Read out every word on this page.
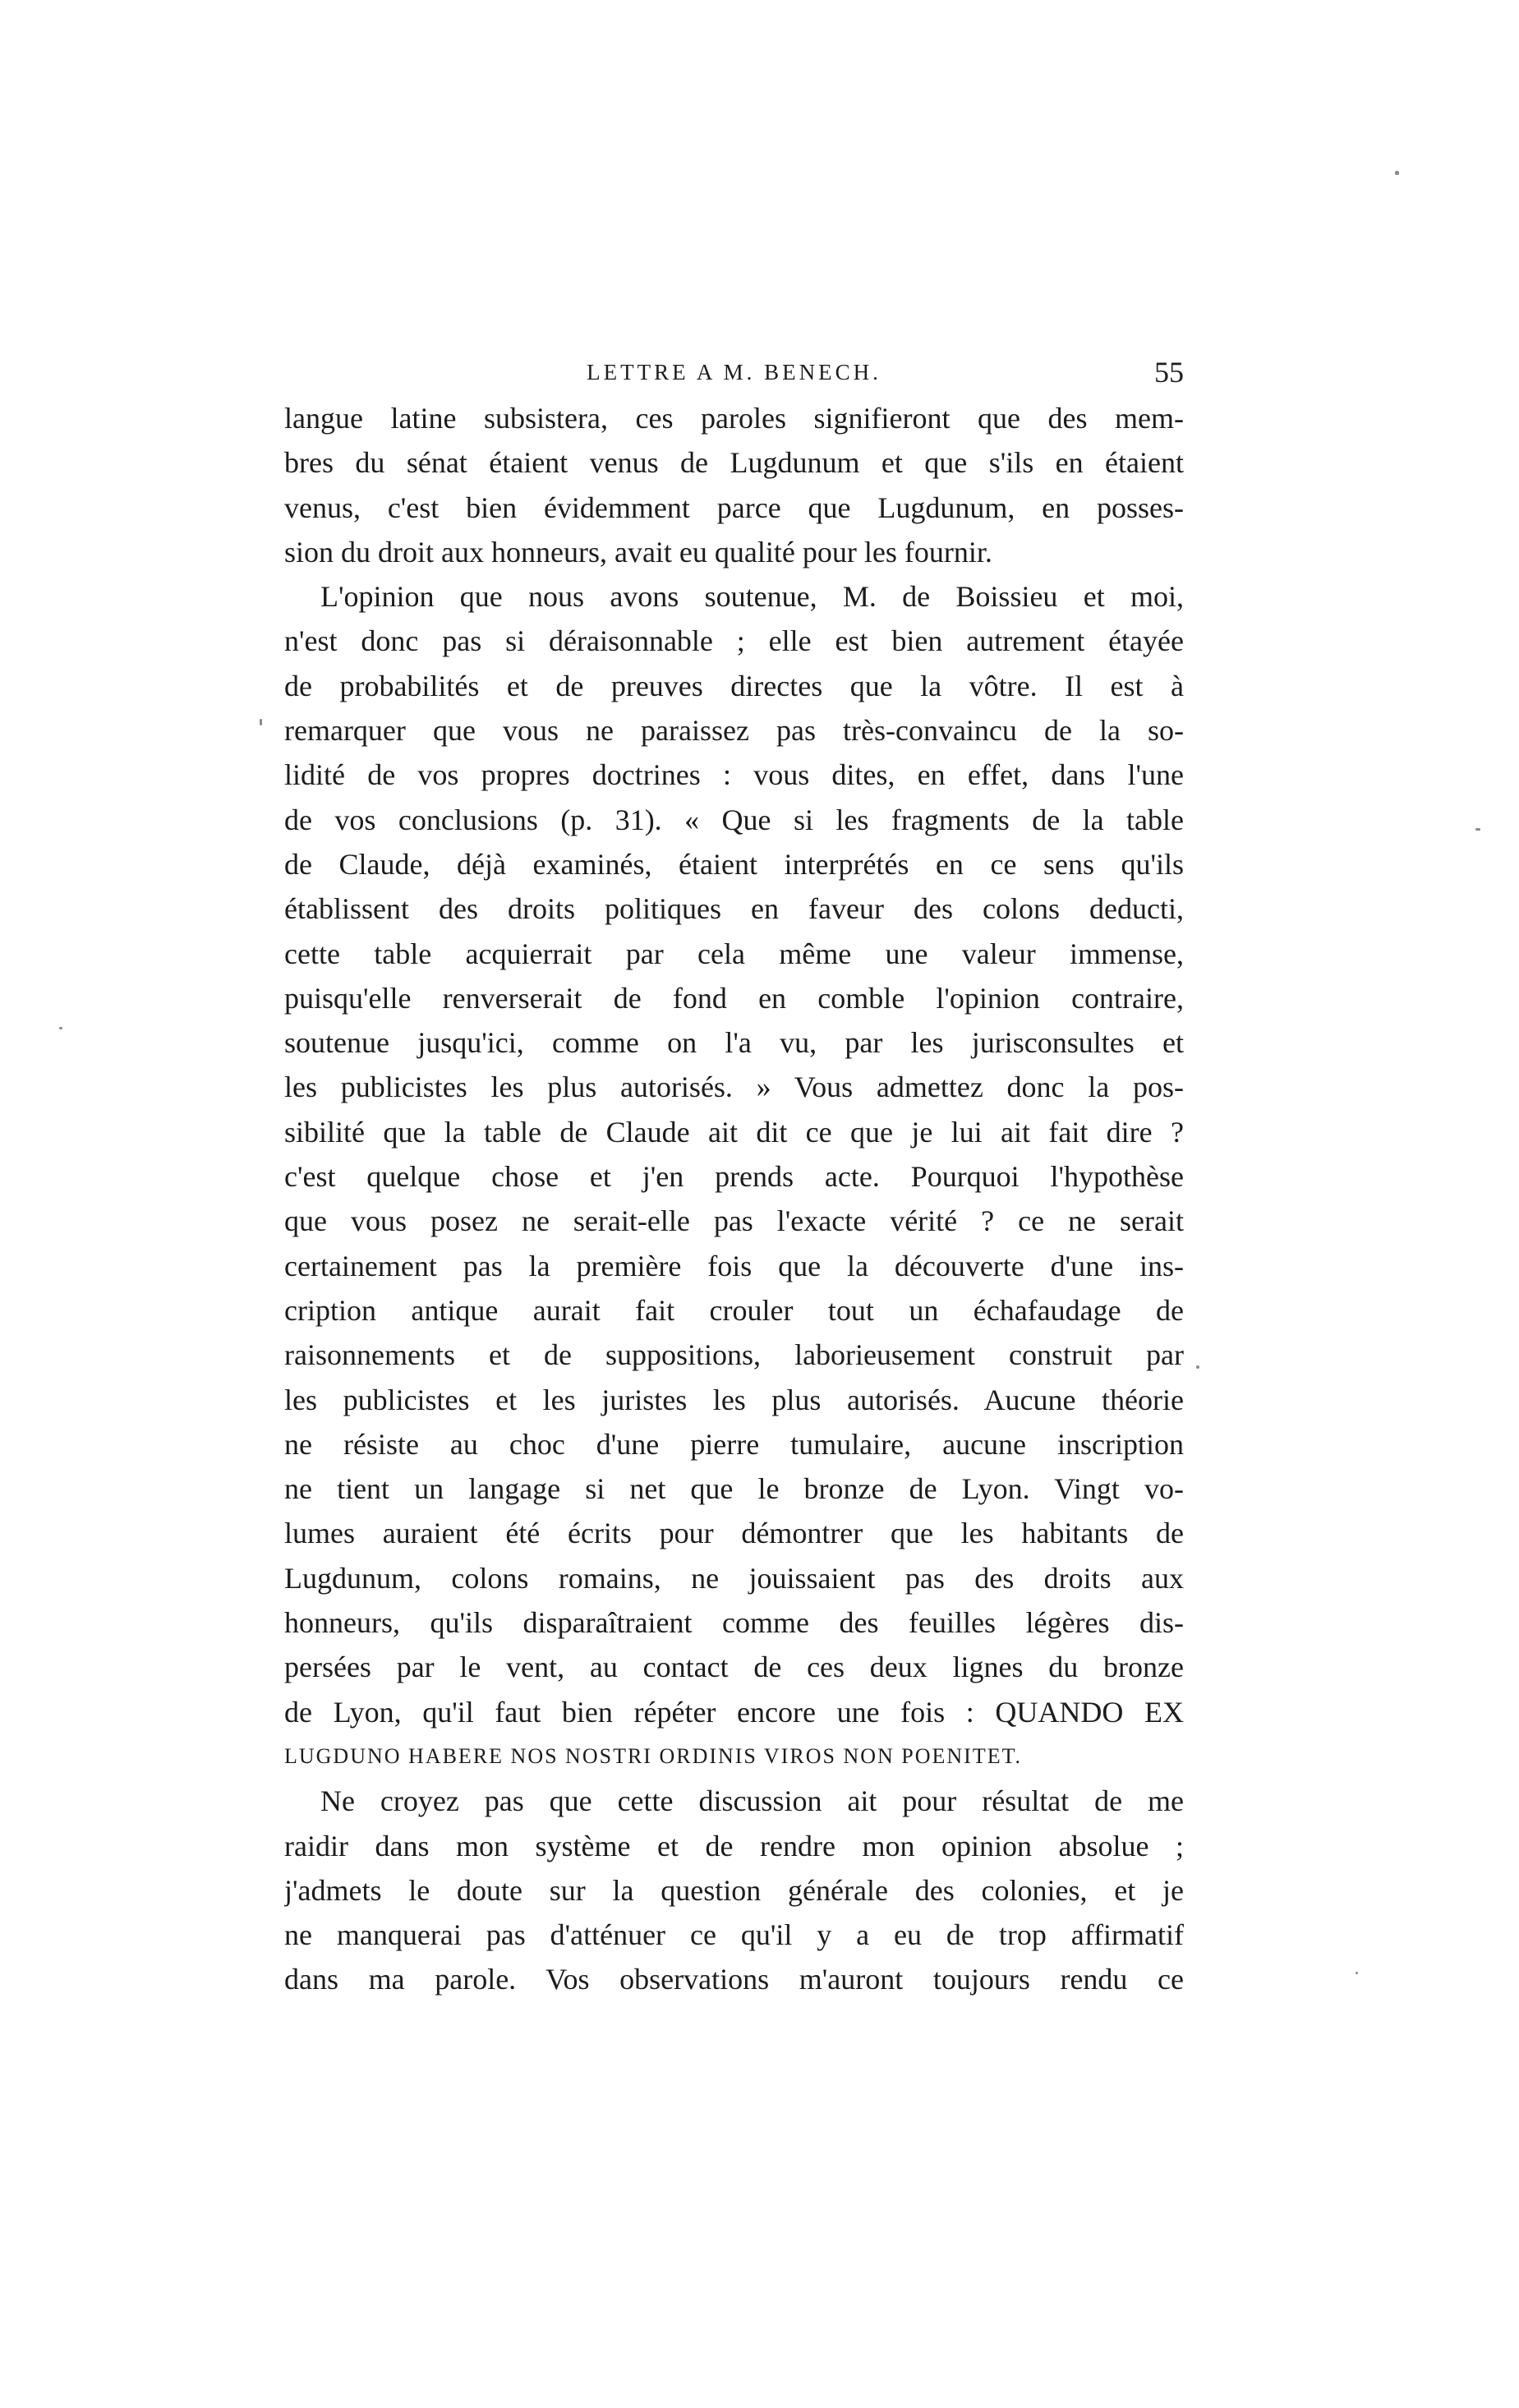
LETTRE A M. BENECH.	55
langue latine subsistera, ces paroles signifieront que des mem-
bres du sénat étaient venus de Lugdunum et que s'ils en étaient
venus, c'est bien évidemment parce que Lugdunum, en posses-
sion du droit aux honneurs, avait eu qualité pour les fournir.
L'opinion que nous avons soutenue, M. de Boissieu et moi,
n'est donc pas si déraisonnable ; elle est bien autrement étayée
de probabilités et de preuves directes que la vôtre. Il est à
remarquer que vous ne paraissez pas très-convaincu de la so-
lidité de vos propres doctrines : vous dites, en effet, dans l'une
de vos conclusions (p. 31). « Que si les fragments de la table
de Claude, déjà examinés, étaient interprétés en ce sens qu'ils
établissent des droits politiques en faveur des colons deducti,
cette table acquierrait par cela même une valeur immense,
puisqu'elle renverserait de fond en comble l'opinion contraire,
soutenue jusqu'ici, comme on l'a vu, par les jurisconsultes et
les publicistes les plus autorisés. » Vous admettez donc la pos-
sibilité que la table de Claude ait dit ce que je lui ait fait dire ?
c'est quelque chose et j'en prends acte. Pourquoi l'hypothèse
que vous posez ne serait-elle pas l'exacte vérité ? ce ne serait
certainement pas la première fois que la découverte d'une ins-
cription antique aurait fait crouler tout un échafaudage de
raisonnements et de suppositions, laborieusement construit par
les publicistes et les juristes les plus autorisés. Aucune théorie
ne résiste au choc d'une pierre tumulaire, aucune inscription
ne tient un langage si net que le bronze de Lyon. Vingt vo-
lumes auraient été écrits pour démontrer que les habitants de
Lugdunum, colons romains, ne jouissaient pas des droits aux
honneurs, qu'ils disparaîtraient comme des feuilles légères dis-
persées par le vent, au contact de ces deux lignes du bronze
de Lyon, qu'il faut bien répéter encore une fois : QUANDO EX
LUGDUNO HABERE NOS NOSTRI ORDINIS VIROS NON POENITET.
Ne croyez pas que cette discussion ait pour résultat de me
raidir dans mon système et de rendre mon opinion absolue ;
j'admets le doute sur la question générale des colonies, et je
ne manquerai pas d'atténuer ce qu'il y a eu de trop affirmatif
dans ma parole. Vos observations m'auront toujours rendu ce
